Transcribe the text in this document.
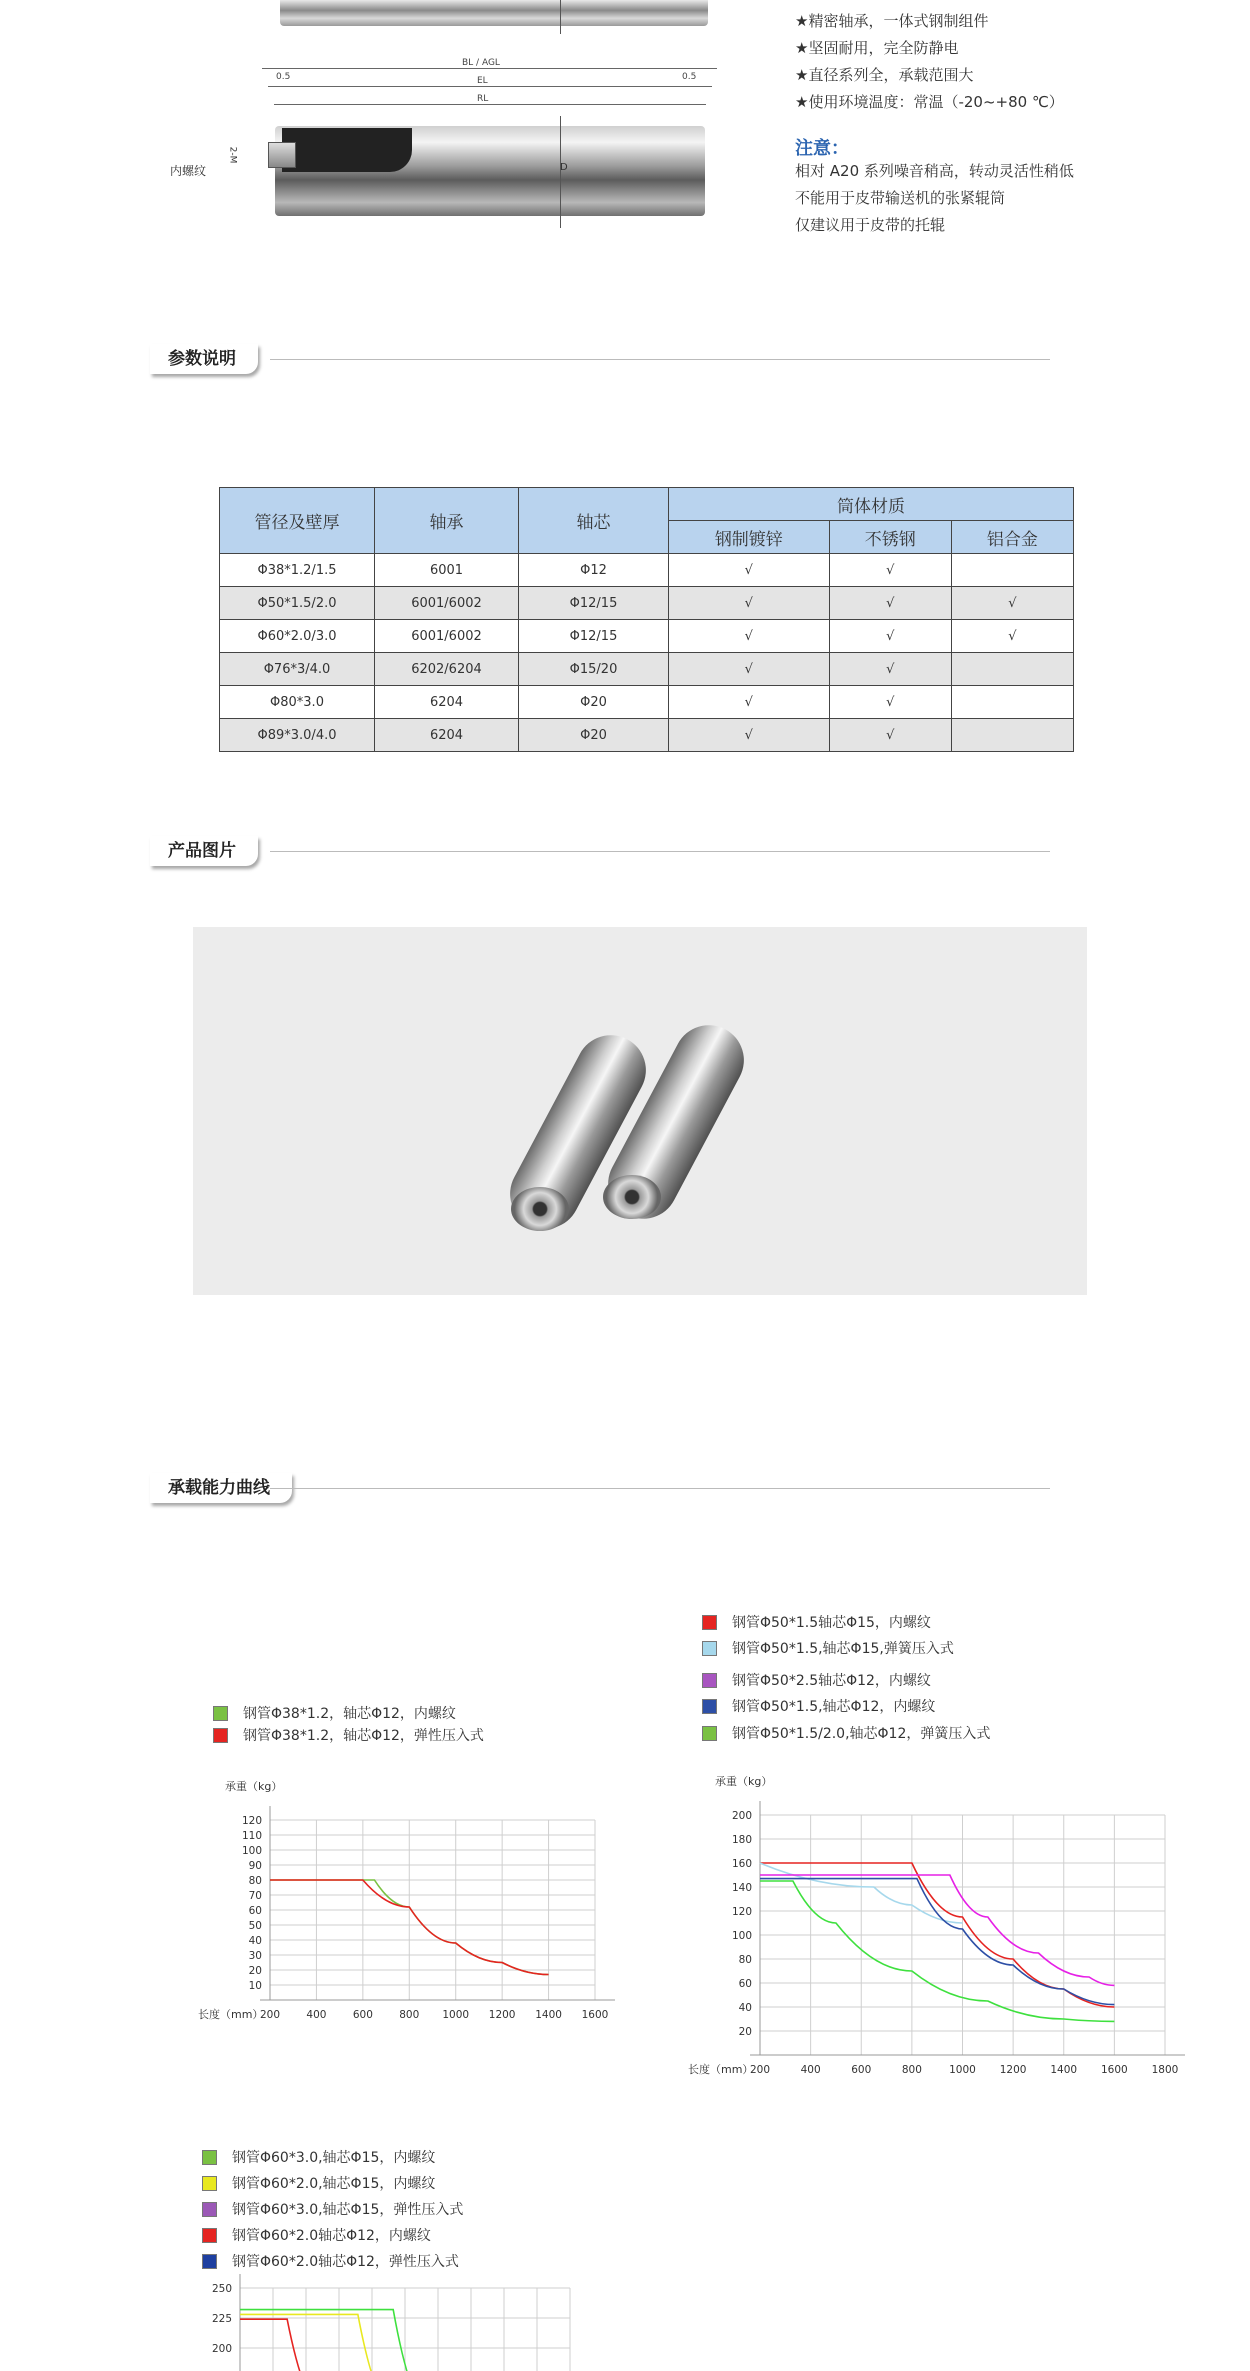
BL / AGL
0.5	0.5
EL
RL
内螺纹
2-M
D
★精密轴承，一体式钢制组件
★坚固耐用，完全防静电
★直径系列全，承载范围大
★使用环境温度：常温（-20~+80 ℃）
注意：
相对 A20 系列噪音稍高，转动灵活性稍低
不能用于皮带输送机的张紧辊筒
仅建议用于皮带的托辊
参数说明
管径及壁厚	轴承	轴芯	筒体材质		
			钢制镀锌	不锈钢	铝合金
Φ38*1.2/1.5	6001	Φ12	√	√	
Φ50*1.5/2.0	6001/6002	Φ12/15	√	√	√
Φ60*2.0/3.0	6001/6002	Φ12/15	√	√	√
Φ76*3/4.0	6202/6204	Φ15/20	√	√	
Φ80*3.0	6204	Φ20	√	√	
Φ89*3.0/4.0	6204	Φ20	√	√	
产品图片
承载能力曲线
钢管Φ38*1.2，轴芯Φ12，内螺纹
钢管Φ38*1.2，轴芯Φ12，弹性压入式
钢管Φ50*1.5轴芯Φ15，内螺纹
钢管Φ50*1.5,轴芯Φ15,弹簧压入式
钢管Φ50*2.5轴芯Φ12，内螺纹
钢管Φ50*1.5,轴芯Φ12，内螺纹
钢管Φ50*1.5/2.0,轴芯Φ12，弹簧压入式
钢管Φ60*3.0,轴芯Φ15，内螺纹
钢管Φ60*2.0,轴芯Φ15，内螺纹
钢管Φ60*3.0,轴芯Φ15，弹性压入式
钢管Φ60*2.0轴芯Φ12，内螺纹
钢管Φ60*2.0轴芯Φ12，弹性压入式
承重（kg）
10
20
30
40
50
60
70
80
90
100
110
120
200	400	600	800 1000 1200 1400 1600
长度（mm）
承重（kg）
20
40
60
80
100
120
140
160
180
200
200	400	600	800	1000 1200 1400 1600 1800
长度（mm）
200
225
250
